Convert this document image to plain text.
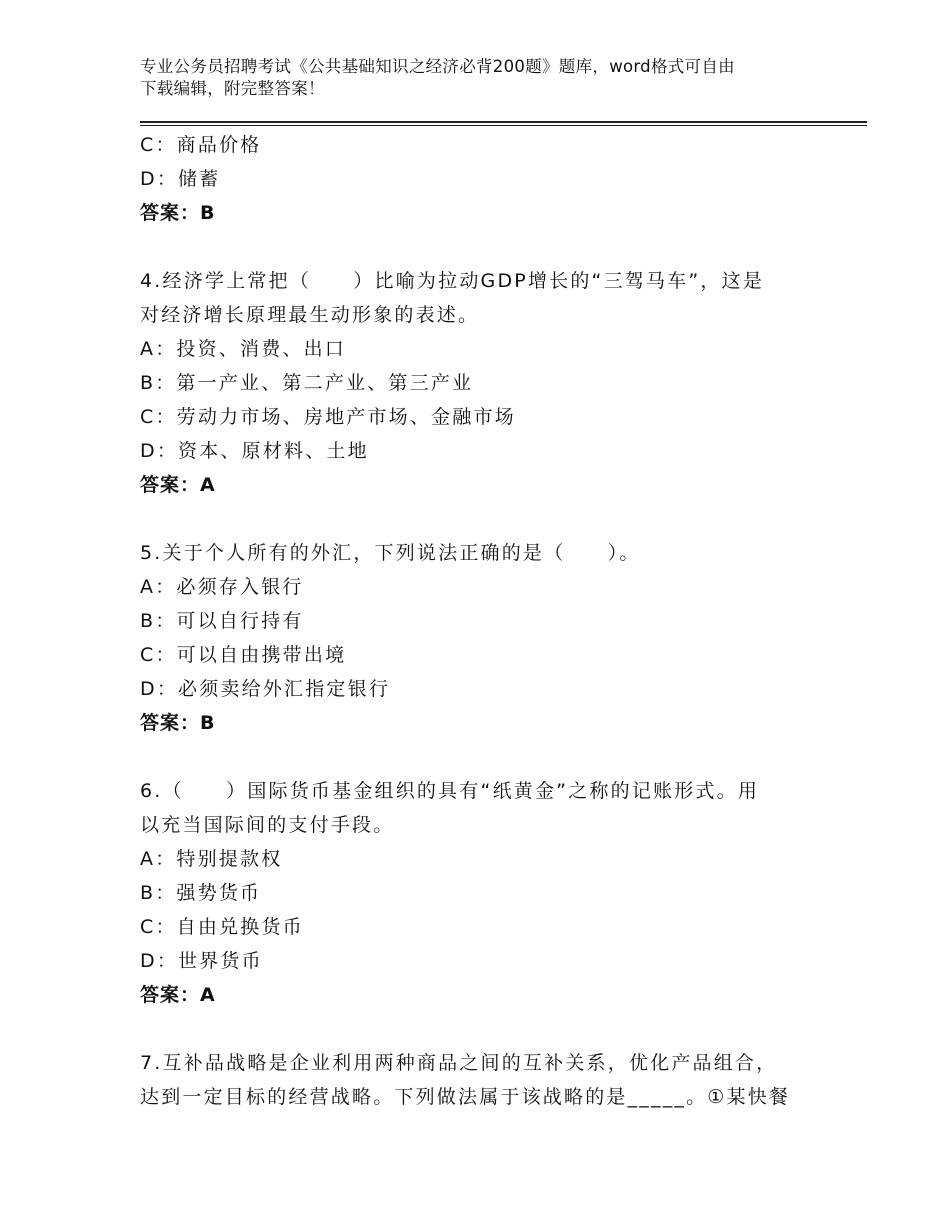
专业公务员招聘考试《公共基础知识之经济必背200题》题库，word格式可自由
下载编辑，附完整答案！
C：商品价格
D：储蓄
答案：B
4.经济学上常把（　　）比喻为拉动GDP增长的“三驾马车”，这是
对经济增长原理最生动形象的表述。
A：投资、消费、出口
B：第一产业、第二产业、第三产业
C：劳动力市场、房地产市场、金融市场
D：资本、原材料、土地
答案：A
5.关于个人所有的外汇，下列说法正确的是（　　）。
A：必须存入银行
B：可以自行持有
C：可以自由携带出境
D：必须卖给外汇指定银行
答案：B
6.（　　）国际货币基金组织的具有“纸黄金”之称的记账形式。用
以充当国际间的支付手段。
A：特别提款权
B：强势货币
C：自由兑换货币
D：世界货币
答案：A
7.互补品战略是企业利用两种商品之间的互补关系，优化产品组合，
达到一定目标的经营战略。下列做法属于该战略的是_____。①某快餐
